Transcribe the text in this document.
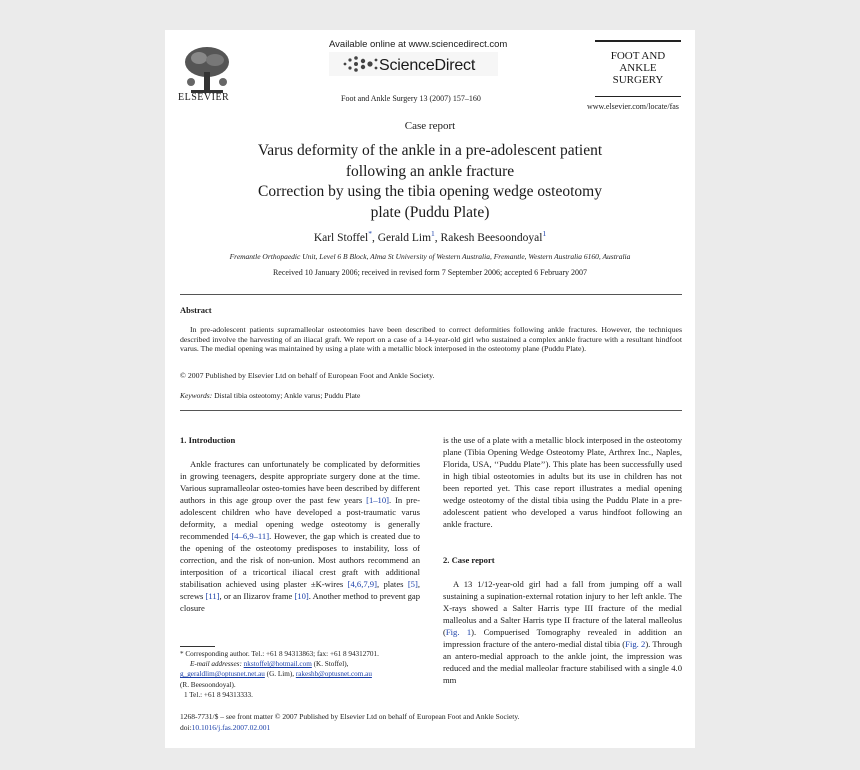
ELSEVIER
Available online at www.sciencedirect.com
ScienceDirect
Foot and Ankle Surgery 13 (2007) 157–160
FOOT AND
ANKLE
SURGERY
www.elsevier.com/locate/fas
Case report
Varus deformity of the ankle in a pre-adolescent patient
following an ankle fracture
Correction by using the tibia opening wedge osteotomy
plate (Puddu Plate)
Karl Stoffel*, Gerald Lim$^1$, Rakesh Beesoondoyal$^1$
Fremantle Orthopaedic Unit, Level 6 B Block, Alma St University of Western Australia, Fremantle, Western Australia 6160, Australia
Received 10 January 2006; received in revised form 7 September 2006; accepted 6 February 2007
Abstract
In pre-adolescent patients supramalleolar osteotomies have been described to correct deformities following ankle fractures. However, the techniques described involve the harvesting of an iliacal graft. We report on a case of a 14-year-old girl who sustained a complex ankle fracture with a resultant hindfoot varus. The medial opening was maintained by using a plate with a metallic block interposed in the osteotomy plane (Puddu Plate).
© 2007 Published by Elsevier Ltd on behalf of European Foot and Ankle Society.
Keywords: Distal tibia osteotomy; Ankle varus; Puddu Plate
1. Introduction
Ankle fractures can unfortunately be complicated by deformities in growing teenagers, despite appropriate surgery done at the time. Various supramalleolar osteo-tomies have been described by different authors in this age group over the past few years [1–10]. In pre-adolescent children who have developed a post-traumatic varus deformity, a medial opening wedge osteotomy is generally recommended [4–6,9–11]. However, the gap which is created due to the opening of the osteotomy predisposes to instability, loss of correction, and the risk of non-union. Most authors recommend an interposition of a tricortical iliacal crest graft with additional stabilisation achieved using plaster ±K-wires [4,6,7,9], plates [5], screws [11], or an Ilizarov frame [10]. Another method to prevent gap closure
* Corresponding author. Tel.: +61 8 94313863; fax: +61 8 94312701.
E-mail addresses: nkstoffel@hotmail.com (K. Stoffel),
g_geraldlim@optusnet.net.au (G. Lim), rakeshb@optusnet.com.au
(R. Beesoondoyal).
1 Tel.: +61 8 94313333.
is the use of a plate with a metallic block interposed in the osteotomy plane (Tibia Opening Wedge Osteotomy Plate, Arthrex Inc., Naples, Florida, USA, ‘‘Puddu Plate’’). This plate has been successfully used in high tibial osteotomies in adults but its use in children has not been reported yet. This case report illustrates a medial opening wedge osteotomy of the distal tibia using the Puddu Plate in a pre-adolescent patient who developed a varus hindfoot following an ankle fracture.
2. Case report
A 13 1/12-year-old girl had a fall from jumping off a wall sustaining a supination-external rotation injury to her left ankle. The X-rays showed a Salter Harris type III fracture of the medial malleolus and a Salter Harris type II fracture of the lateral malleolus (Fig. 1). Compuerised Tomography revealed in addition an impression fracture of the antero-medial distal tibia (Fig. 2). Through an antero-medial approach to the ankle joint, the impression was reduced and the medial malleolar fracture stabilised with a single 4.0 mm
1268-7731/$ – see front matter © 2007 Published by Elsevier Ltd on behalf of European Foot and Ankle Society.
doi:10.1016/j.fas.2007.02.001
